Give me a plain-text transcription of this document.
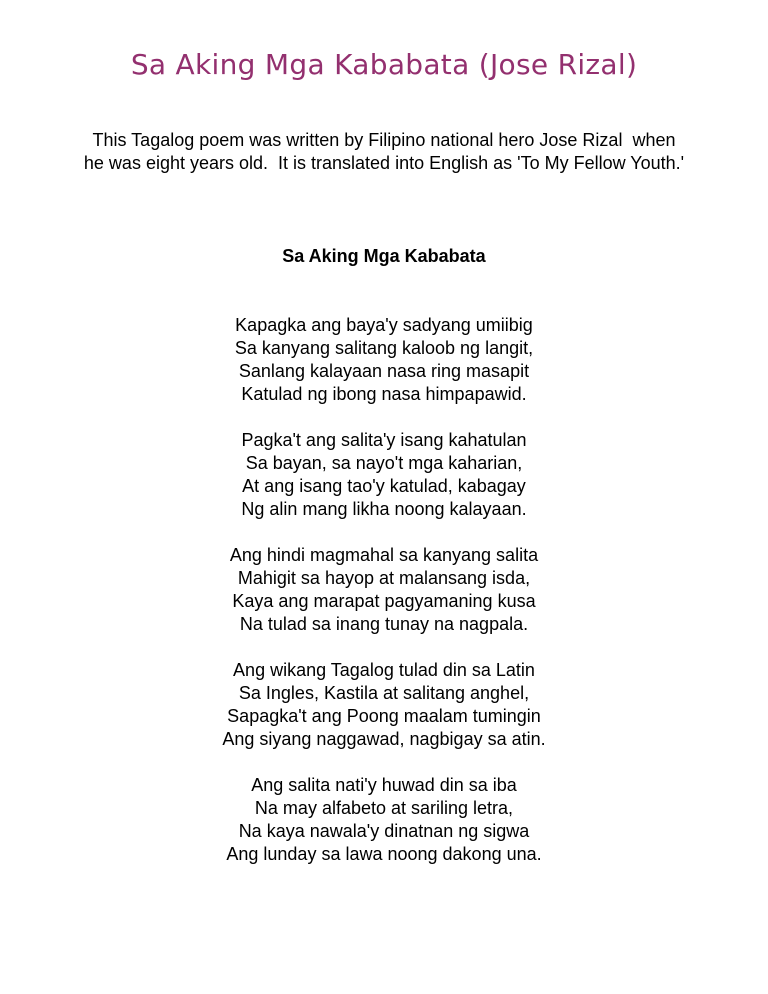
Sa Aking Mga Kababata (Jose Rizal)

This Tagalog poem was written by Filipino national hero Jose Rizal  when
he was eight years old.  It is translated into English as 'To My Fellow Youth.'

Sa Aking Mga Kababata
Kapagka ang baya'y sadyang umiibig
Sa kanyang salitang kaloob ng langit,
Sanlang kalayaan nasa ring masapit
Katulad ng ibong nasa himpapawid.
Pagka't ang salita'y isang kahatulan
Sa bayan, sa nayo't mga kaharian,
At ang isang tao'y katulad, kabagay
Ng alin mang likha noong kalayaan.
Ang hindi magmahal sa kanyang salita
Mahigit sa hayop at malansang isda,
Kaya ang marapat pagyamaning kusa
Na tulad sa inang tunay na nagpala.
Ang wikang Tagalog tulad din sa Latin
Sa Ingles, Kastila at salitang anghel,
Sapagka't ang Poong maalam tumingin
Ang siyang naggawad, nagbigay sa atin.
Ang salita nati'y huwad din sa iba
Na may alfabeto at sariling letra,
Na kaya nawala'y dinatnan ng sigwa
Ang lunday sa lawa noong dakong una.
